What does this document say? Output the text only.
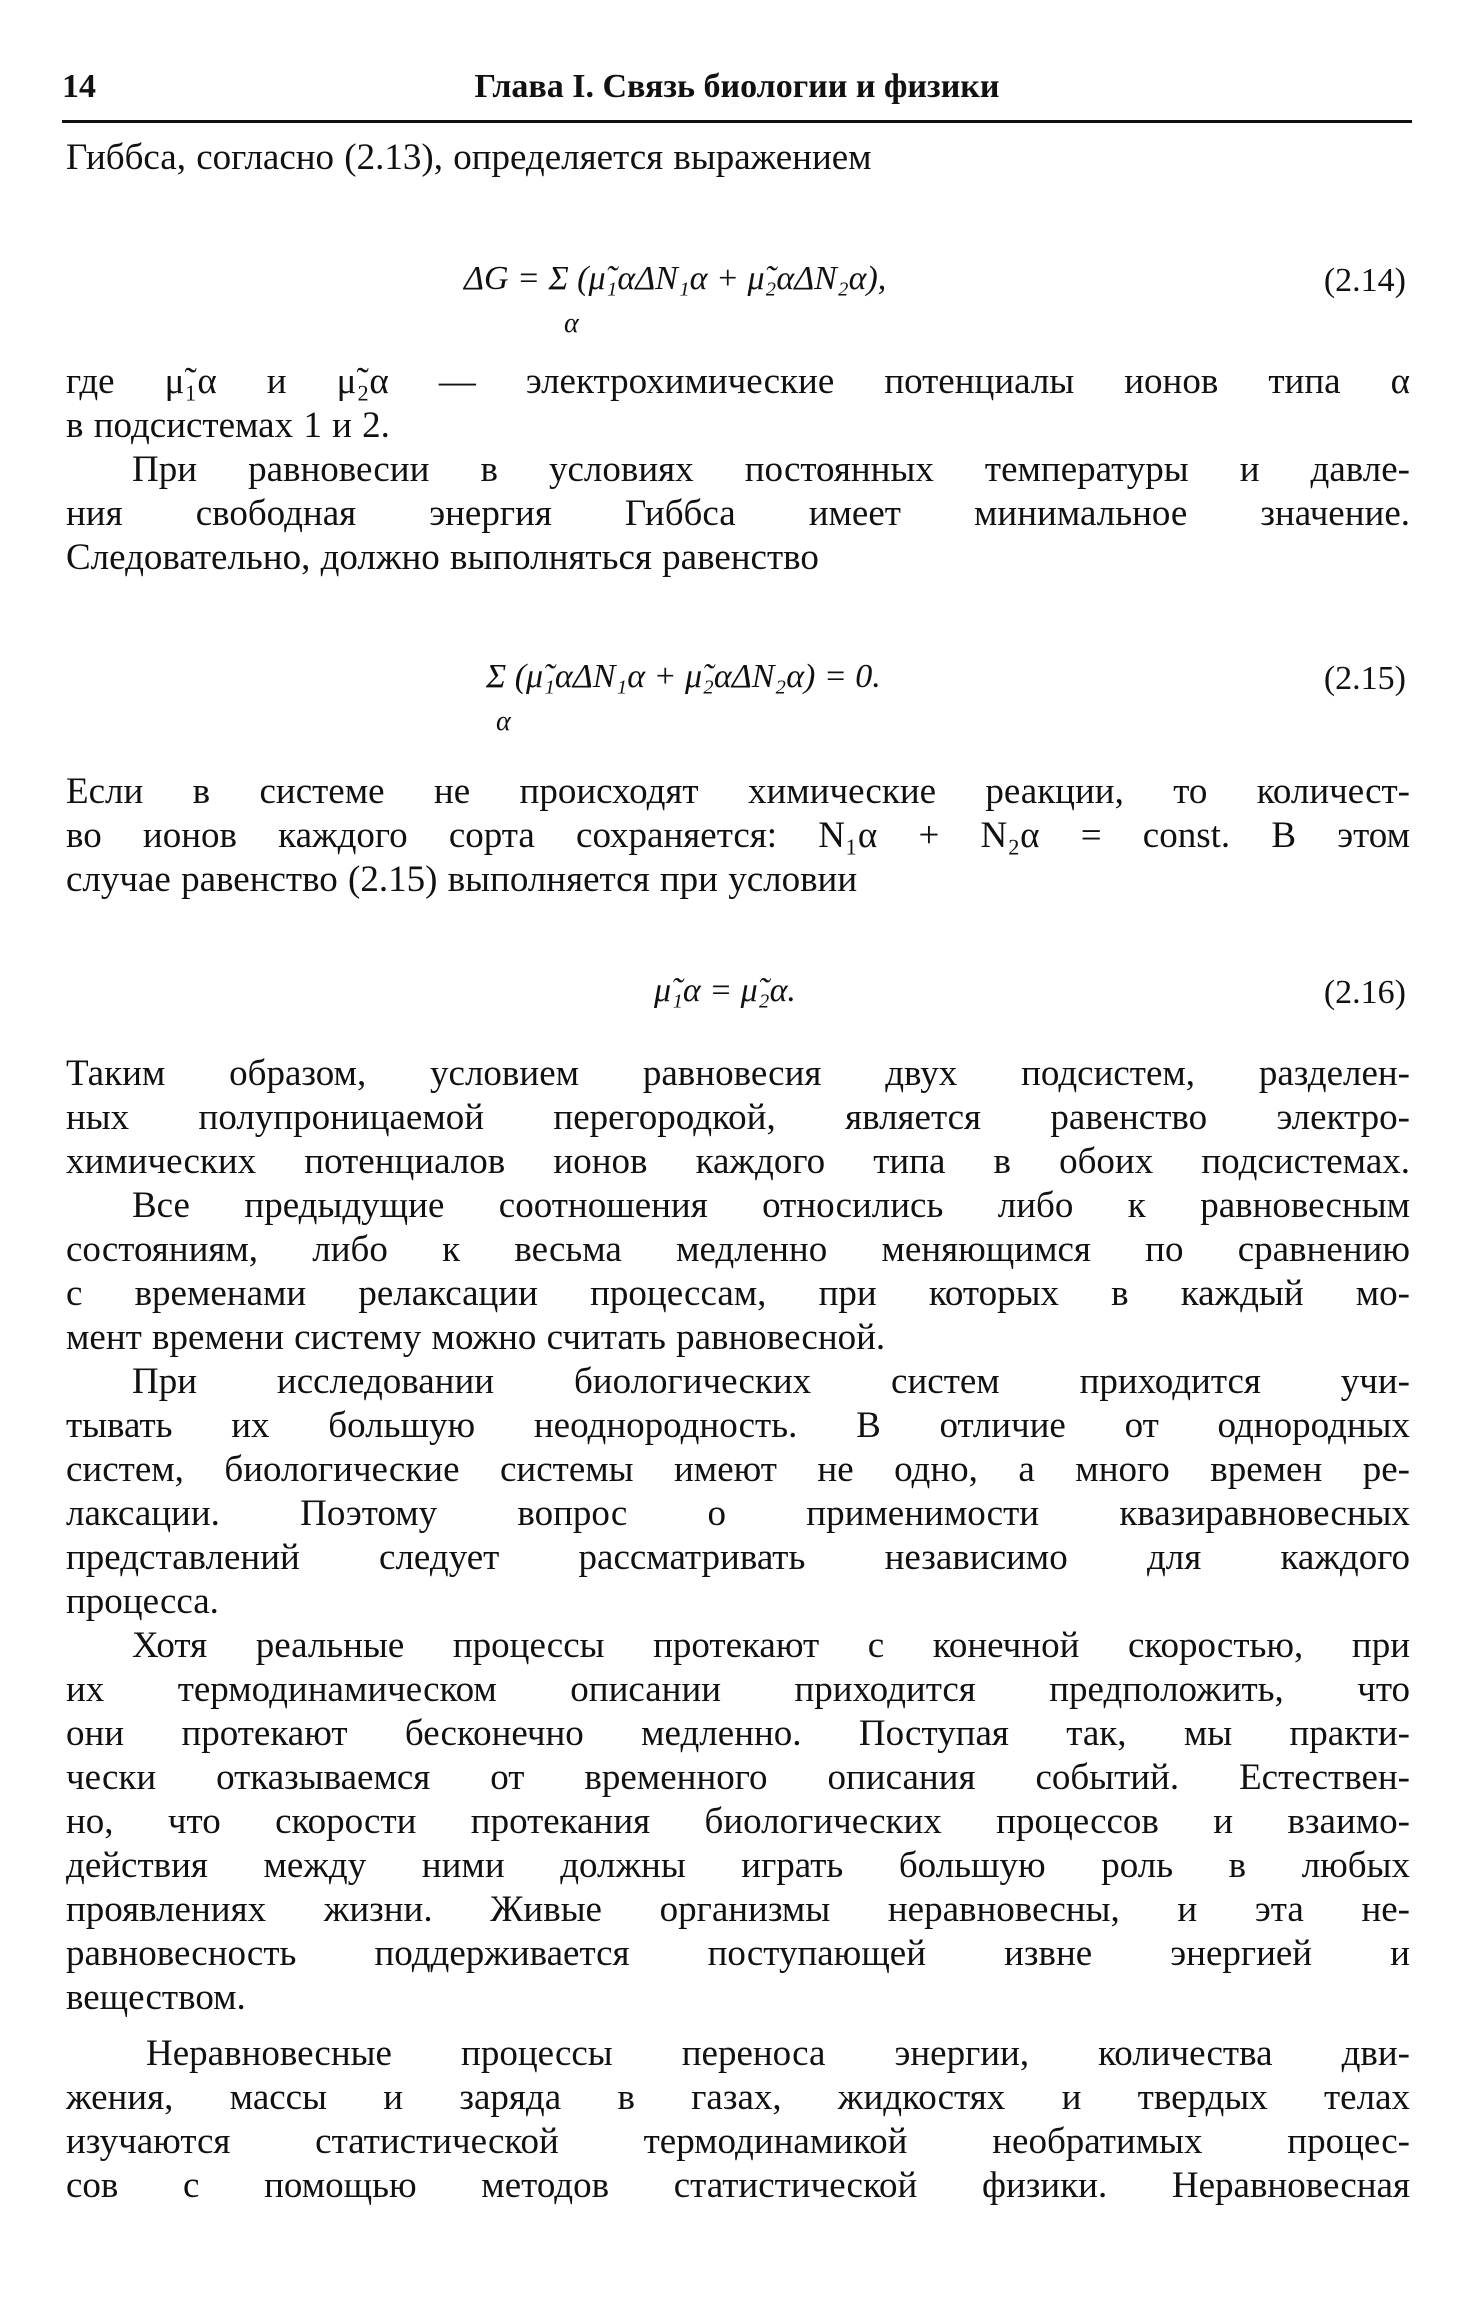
14	Глава I. Связь биологии и физики
Гиббса, согласно (2.13), определяется выражением
ΔG = Σ (μ̃₁αΔN₁α + μ̃₂αΔN₂α),
α
(2.14)
где μ̃₁α и μ̃₂α — электрохимические потенциалы ионов типа α
в подсистемах 1 и 2.
При равновесии в условиях постоянных температуры и давле-
ния свободная энергия Гиббса имеет минимальное значение.
Следовательно, должно выполняться равенство
Σ (μ̃₁αΔN₁α + μ̃₂αΔN₂α) = 0.
α
(2.15)
Если в системе не происходят химические реакции, то количест-
во ионов каждого сорта сохраняется: N₁α + N₂α = const. В этом
случае равенство (2.15) выполняется при условии
μ̃₁α = μ̃₂α.	(2.16)
Таким образом, условием равновесия двух подсистем, разделен-
ных полупроницаемой перегородкой, является равенство электро-
химических потенциалов ионов каждого типа в обоих подсистемах.
Все предыдущие соотношения относились либо к равновесным
состояниям, либо к весьма медленно меняющимся по сравнению
с временами релаксации процессам, при которых в каждый мо-
мент времени систему можно считать равновесной.
При исследовании биологических систем приходится учи-
тывать их большую неоднородность. В отличие от однородных
систем, биологические системы имеют не одно, а много времен ре-
лаксации. Поэтому вопрос о применимости квазиравновесных
представлений следует рассматривать независимо для каждого
процесса.
Хотя реальные процессы протекают с конечной скоростью, при
их термодинамическом описании приходится предположить, что
они протекают бесконечно медленно. Поступая так, мы практи-
чески отказываемся от временного описания событий. Естествен-
но, что скорости протекания биологических процессов и взаимо-
действия между ними должны играть большую роль в любых
проявлениях жизни. Живые организмы неравновесны, и эта не-
равновесность поддерживается поступающей извне энергией и
веществом.
Неравновесные процессы переноса энергии, количества дви-
жения, массы и заряда в газах, жидкостях и твердых телах
изучаются статистической термодинамикой необратимых процес-
сов с помощью методов статистической физики. Неравновесная
